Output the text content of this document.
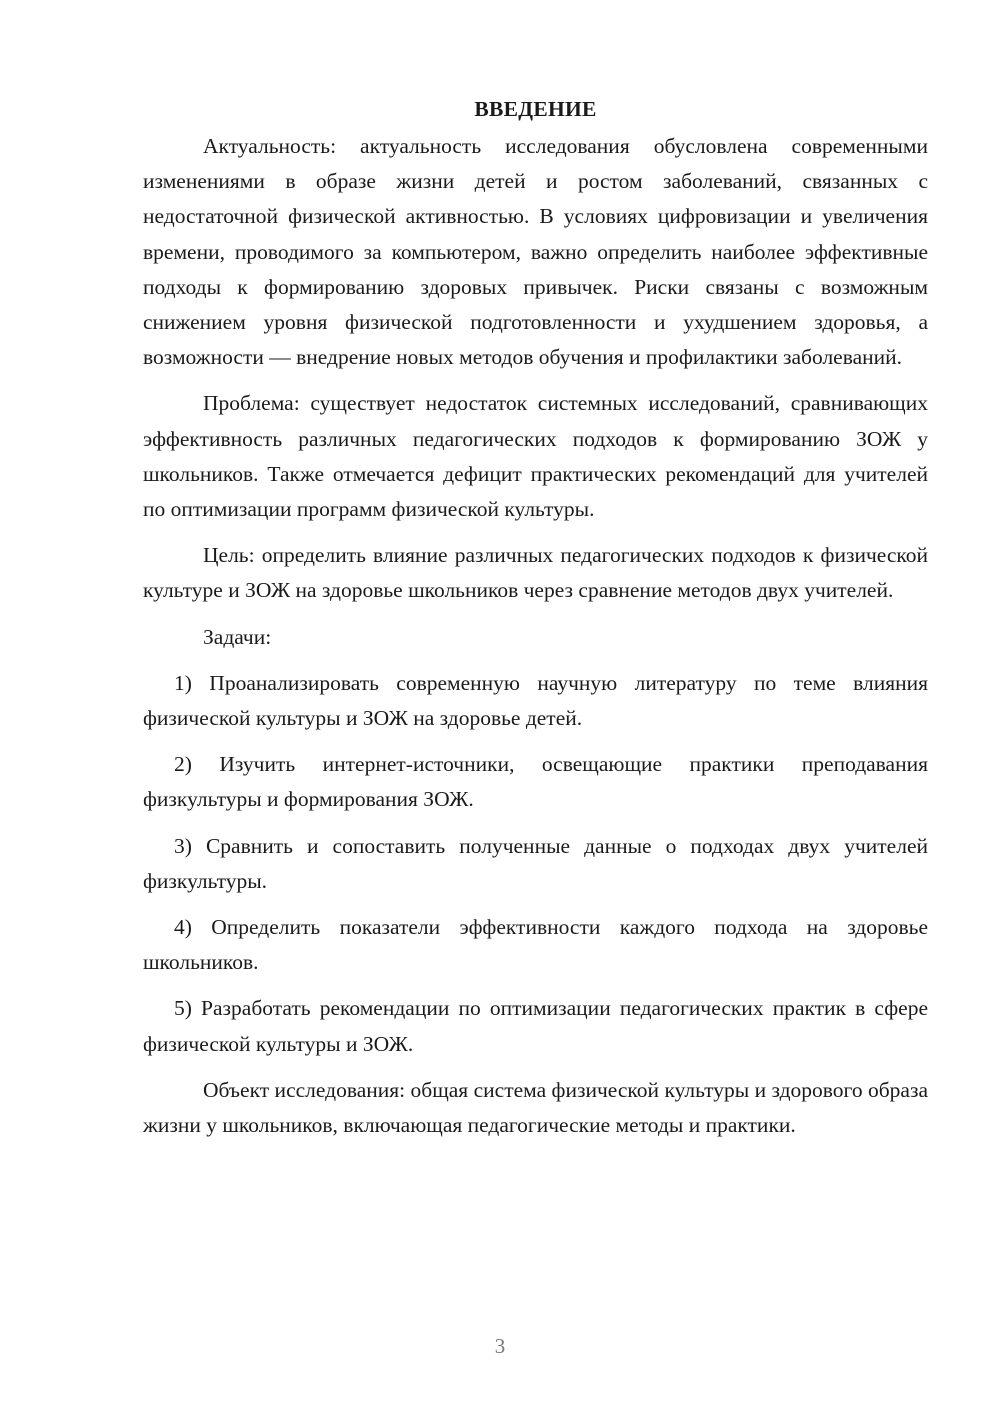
ВВЕДЕНИЕ

Актуальность: актуальность исследования обусловлена современными изменениями в образе жизни детей и ростом заболеваний, связанных с недостаточной физической активностью. В условиях цифровизации и увеличения времени, проводимого за компьютером, важно определить наиболее эффективные подходы к формированию здоровых привычек. Риски связаны с возможным снижением уровня физической подготовленности и ухудшением здоровья, а возможности — внедрение новых методов обучения и профилактики заболеваний.

Проблема: существует недостаток системных исследований, сравнивающих эффективность различных педагогических подходов к формированию ЗОЖ у школьников. Также отмечается дефицит практических рекомендаций для учителей по оптимизации программ физической культуры.

Цель: определить влияние различных педагогических подходов к физической культуре и ЗОЖ на здоровье школьников через сравнение методов двух учителей.

Задачи:

1) Проанализировать современную научную литературу по теме влияния физической культуры и ЗОЖ на здоровье детей.

2) Изучить интернет-источники, освещающие практики преподавания физкультуры и формирования ЗОЖ.

3) Сравнить и сопоставить полученные данные о подходах двух учителей физкультуры.

4) Определить показатели эффективности каждого подхода на здоровье школьников.

5) Разработать рекомендации по оптимизации педагогических практик в сфере физической культуры и ЗОЖ.

Объект исследования: общая система физической культуры и здорового образа жизни у школьников, включающая педагогические методы и практики.

3
